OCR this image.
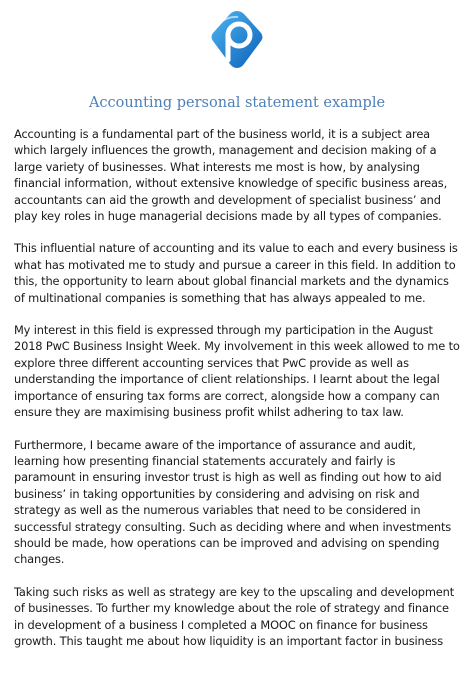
Accounting personal statement example

Accounting is a fundamental part of the business world, it is a subject area which largely influences the growth, management and decision making of a large variety of businesses. What interests me most is how, by analysing financial information, without extensive knowledge of specific business areas, accountants can aid the growth and development of specialist business’ and play key roles in huge managerial decisions made by all types of companies.

This influential nature of accounting and its value to each and every business is what has motivated me to study and pursue a career in this field. In addition to this, the opportunity to learn about global financial markets and the dynamics of multinational companies is something that has always appealed to me.

My interest in this field is expressed through my participation in the August 2018 PwC Business Insight Week. My involvement in this week allowed to me to explore three different accounting services that PwC provide as well as understanding the importance of client relationships. I learnt about the legal importance of ensuring tax forms are correct, alongside how a company can ensure they are maximising business profit whilst adhering to tax law.

Furthermore, I became aware of the importance of assurance and audit, learning how presenting financial statements accurately and fairly is paramount in ensuring investor trust is high as well as finding out how to aid business’ in taking opportunities by considering and advising on risk and strategy as well as the numerous variables that need to be considered in successful strategy consulting. Such as deciding where and when investments should be made, how operations can be improved and advising on spending changes.

Taking such risks as well as strategy are key to the upscaling and development of businesses. To further my knowledge about the role of strategy and finance in development of a business I completed a MOOC on finance for business growth. This taught me about how liquidity is an important factor in business
